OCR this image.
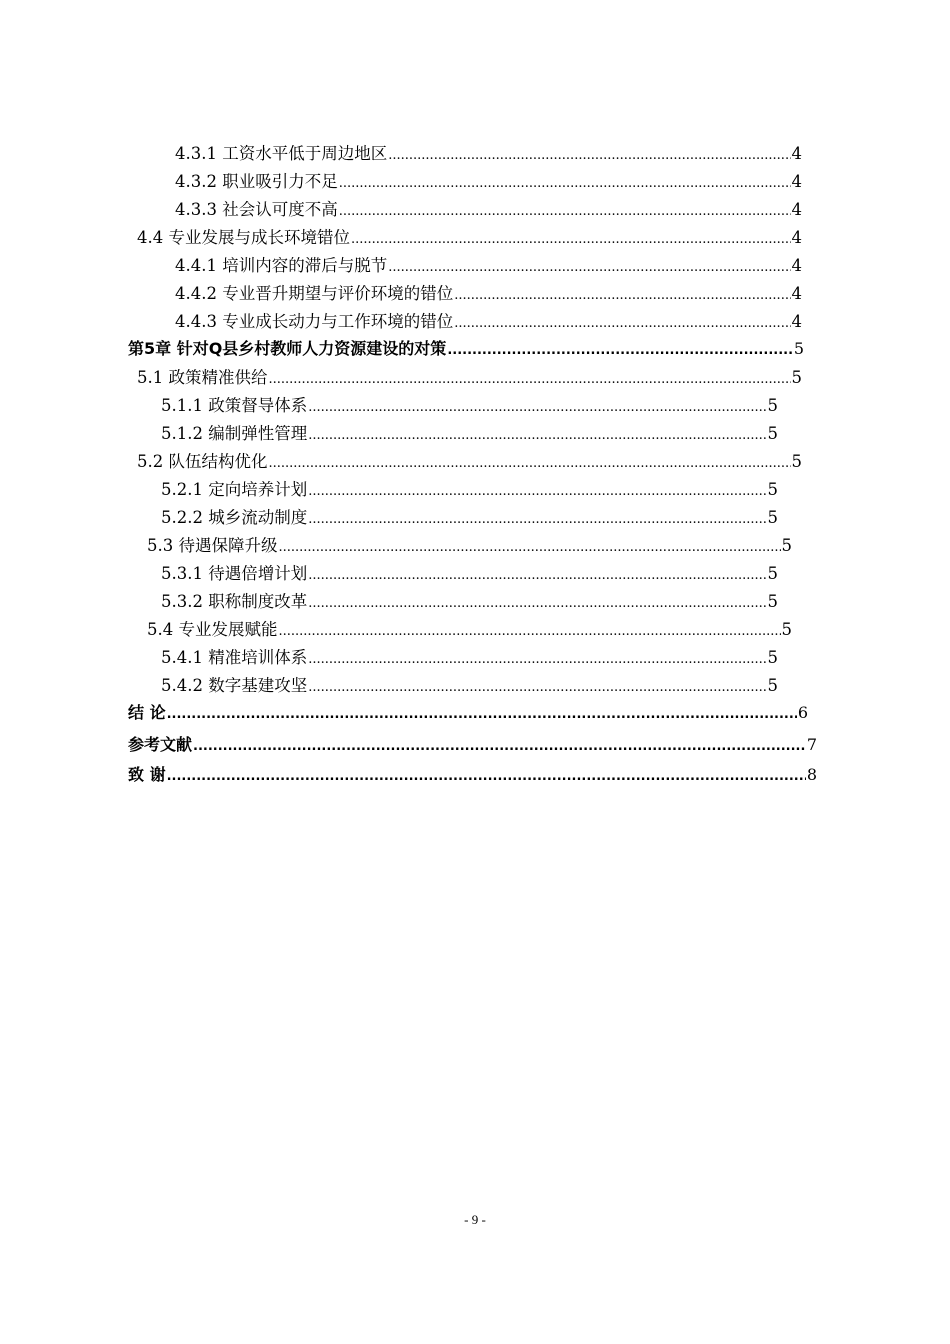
4.3.1 工资水平低于周边地区 .....	4
4.3.2 职业吸引力不足 .....	4
4.3.3 社会认可度不高 .....	4
4.4 专业发展与成长环境错位 .....	4
4.4.1 培训内容的滞后与脱节 .....	4
4.4.2 专业晋升期望与评价环境的错位 .....	4
4.4.3 专业成长动力与工作环境的错位 .....	4
第5章 针对Q县乡村教师人力资源建设的对策 .....	5
5.1 政策精准供给 .....	5
5.1.1 政策督导体系 .....	5
5.1.2 编制弹性管理 .....	5
5.2 队伍结构优化 .....	5
5.2.1 定向培养计划 .....	5
5.2.2 城乡流动制度 .....	5
5.3 待遇保障升级 .....	5
5.3.1 待遇倍增计划 .....	5
5.3.2 职称制度改革 .....	5
5.4 专业发展赋能 .....	5
5.4.1 精准培训体系 .....	5
5.4.2 数字基建攻坚 .....	5
结 论 .....	6
参考文献 .....	7
致 谢 .....	8
- 9 -
